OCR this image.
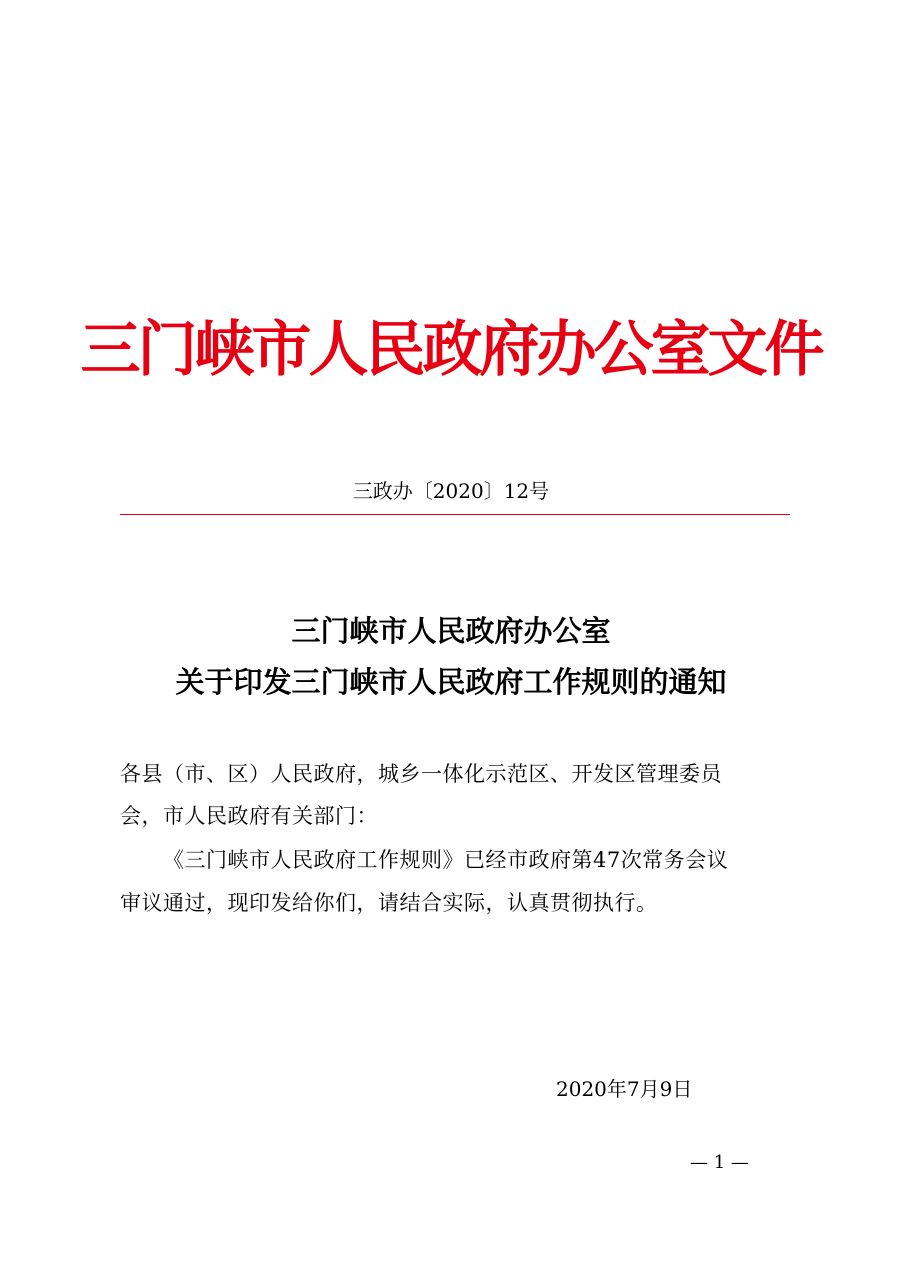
三门峡市人民政府办公室文件
三政办〔2020〕12号
三门峡市人民政府办公室
关于印发三门峡市人民政府工作规则的通知
各县（市、区）人民政府，城乡一体化示范区、开发区管理委员
会，市人民政府有关部门：
《三门峡市人民政府工作规则》已经市政府第47次常务会议
审议通过，现印发给你们，请结合实际，认真贯彻执行。
2020年7月9日
— 1 —
